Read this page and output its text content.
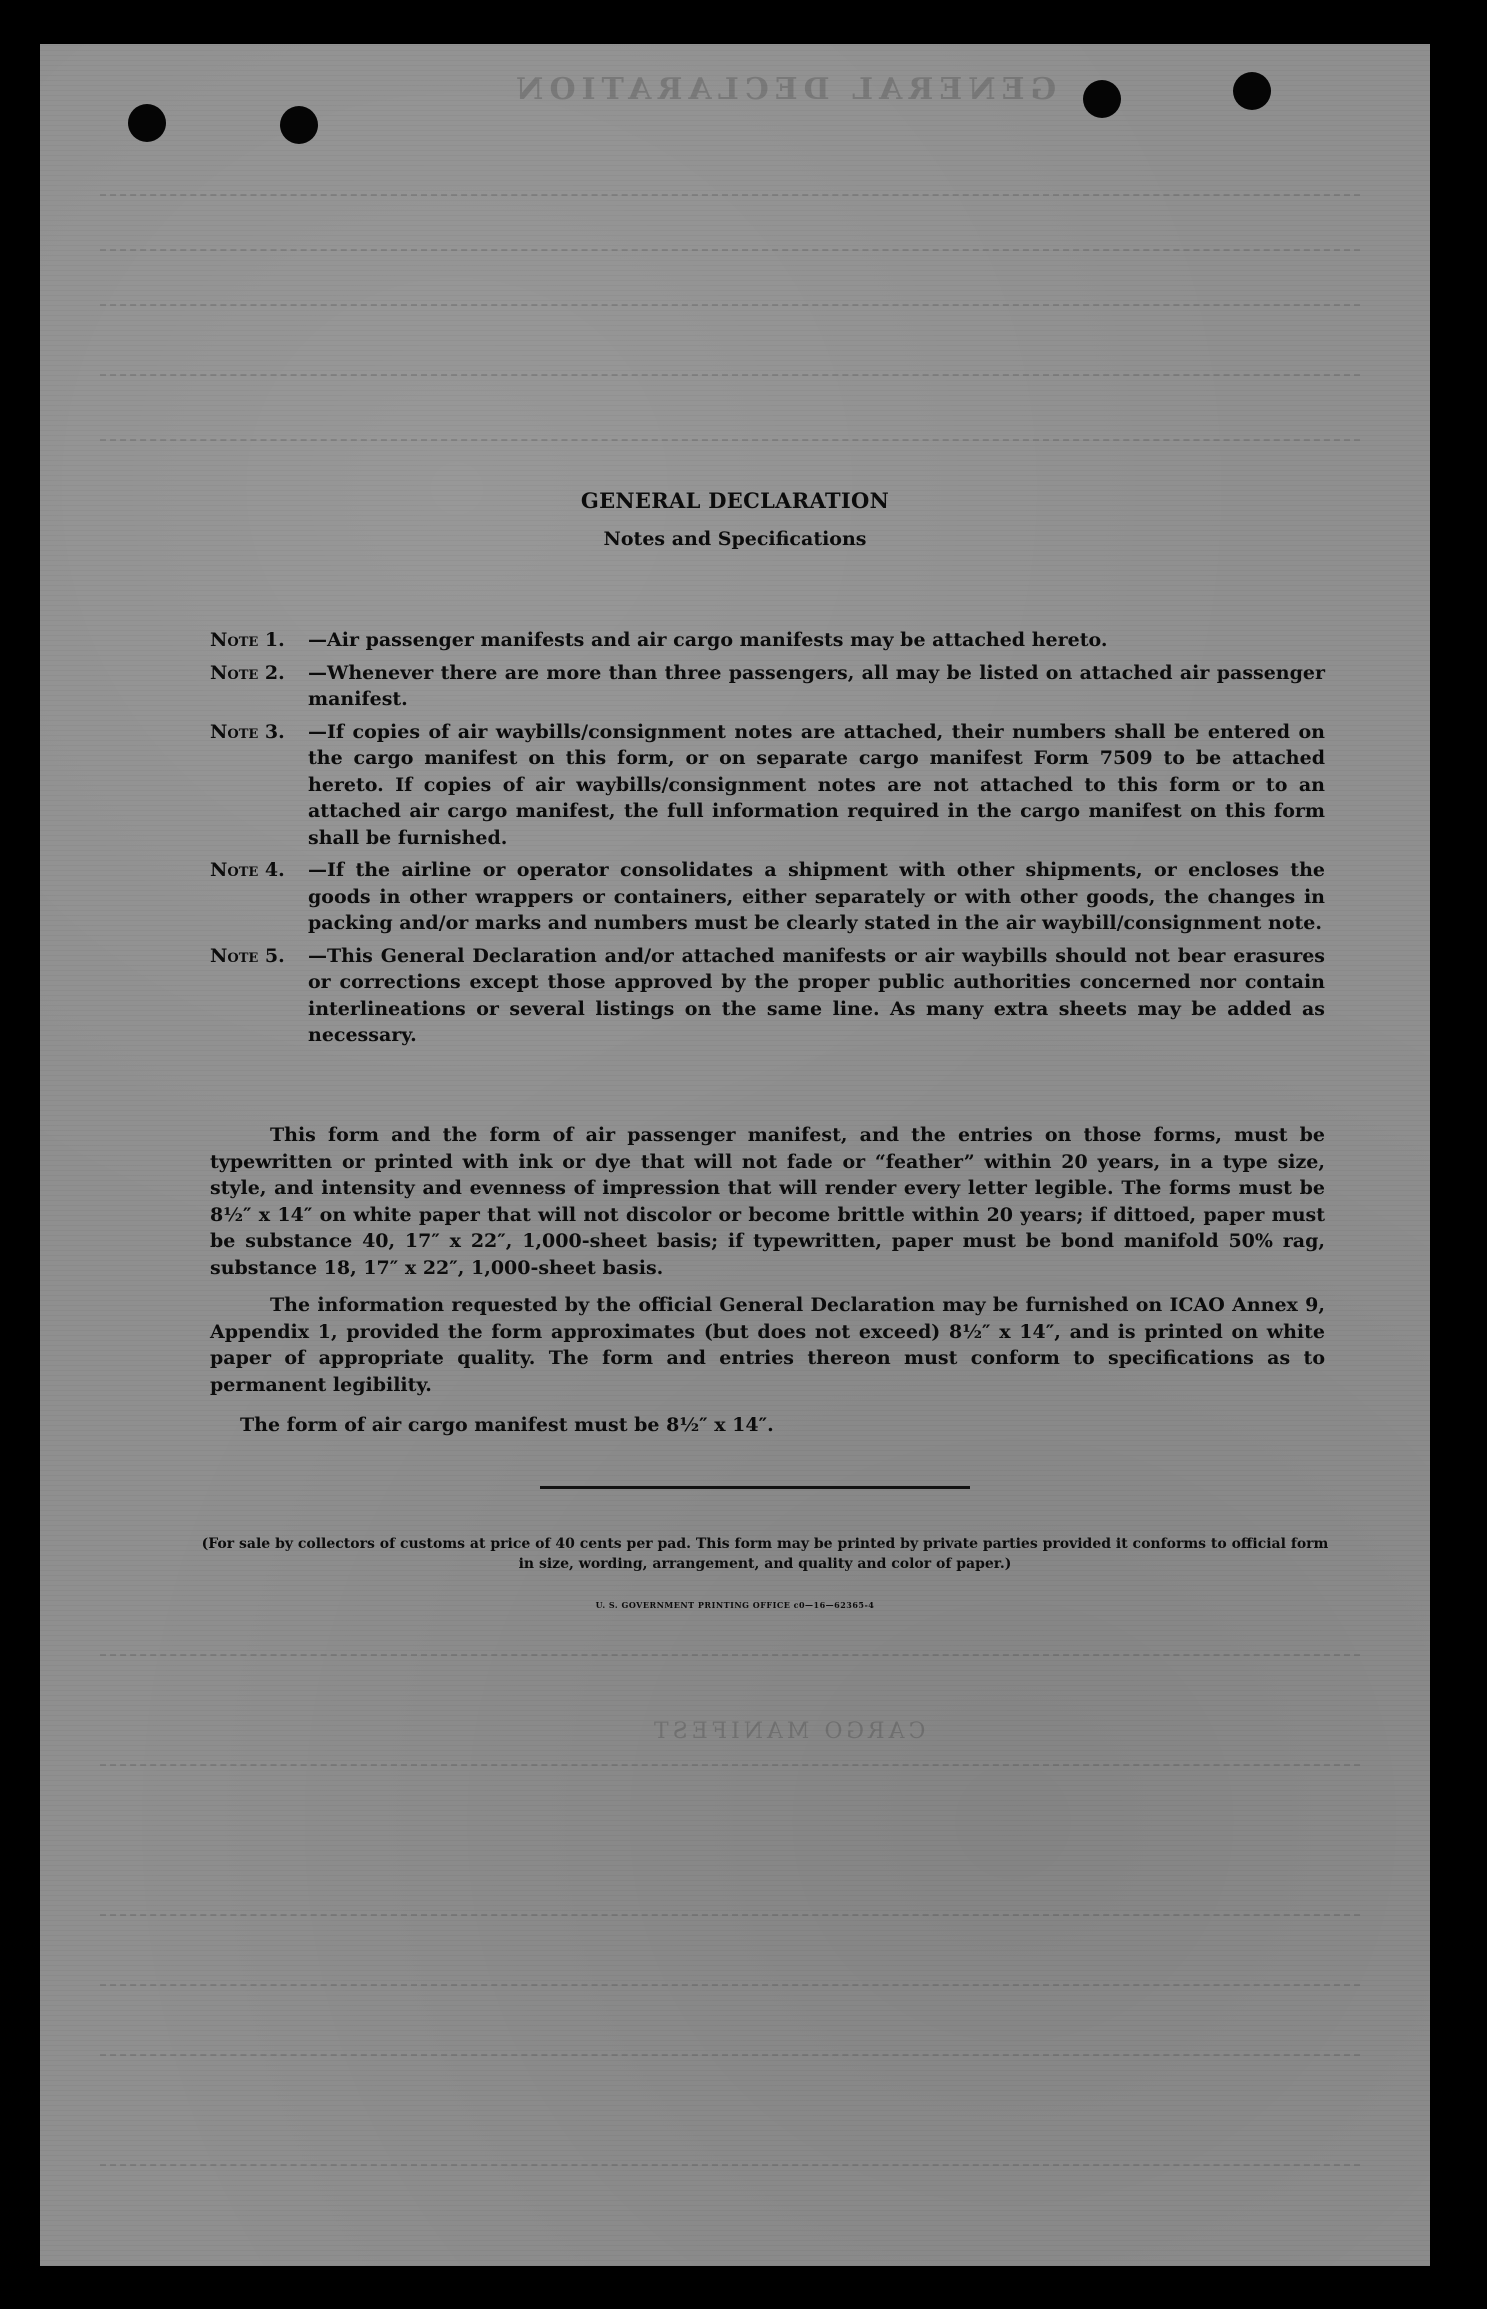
GENERAL DECLARATION
CARGO MANIFEST
GENERAL DECLARATION
Notes and Specifications
Note 1.	—Air passenger manifests and air cargo manifests may be attached hereto.
Note 2.	—Whenever there are more than three passengers, all may be listed on attached air passenger manifest.
Note 3.	—If copies of air waybills/consignment notes are attached, their numbers shall be entered on the cargo manifest on this form, or on separate cargo manifest Form 7509 to be attached hereto. If copies of air waybills/consignment notes are not attached to this form or to an attached air cargo manifest, the full information required in the cargo manifest on this form shall be furnished.
Note 4.	—If the airline or operator consolidates a shipment with other shipments, or encloses the goods in other wrappers or containers, either separately or with other goods, the changes in packing and/or marks and numbers must be clearly stated in the air waybill/consignment note.
Note 5.	—This General Declaration and/or attached manifests or air waybills should not bear erasures or corrections except those approved by the proper public authorities concerned nor contain interlineations or several listings on the same line. As many extra sheets may be added as necessary.
This form and the form of air passenger manifest, and the entries on those forms, must be typewritten or printed with ink or dye that will not fade or “feather” within 20 years, in a type size, style, and intensity and evenness of impression that will render every letter legible. The forms must be 8½″ x 14″ on white paper that will not discolor or become brittle within 20 years; if dittoed, paper must be substance 40, 17″ x 22″, 1,000-sheet basis; if typewritten, paper must be bond manifold 50% rag, substance 18, 17″ x 22″, 1,000-sheet basis.
The information requested by the official General Declaration may be furnished on ICAO Annex 9, Appendix 1, provided the form approximates (but does not exceed) 8½″ x 14″, and is printed on white paper of appropriate quality. The form and entries thereon must conform to specifications as to permanent legibility.
The form of air cargo manifest must be 8½″ x 14″.
(For sale by collectors of customs at price of 40 cents per pad. This form may be printed by private parties provided it conforms to official form in size, wording, arrangement, and quality and color of paper.)
U. S. GOVERNMENT PRINTING OFFICE c0—16—62365-4
